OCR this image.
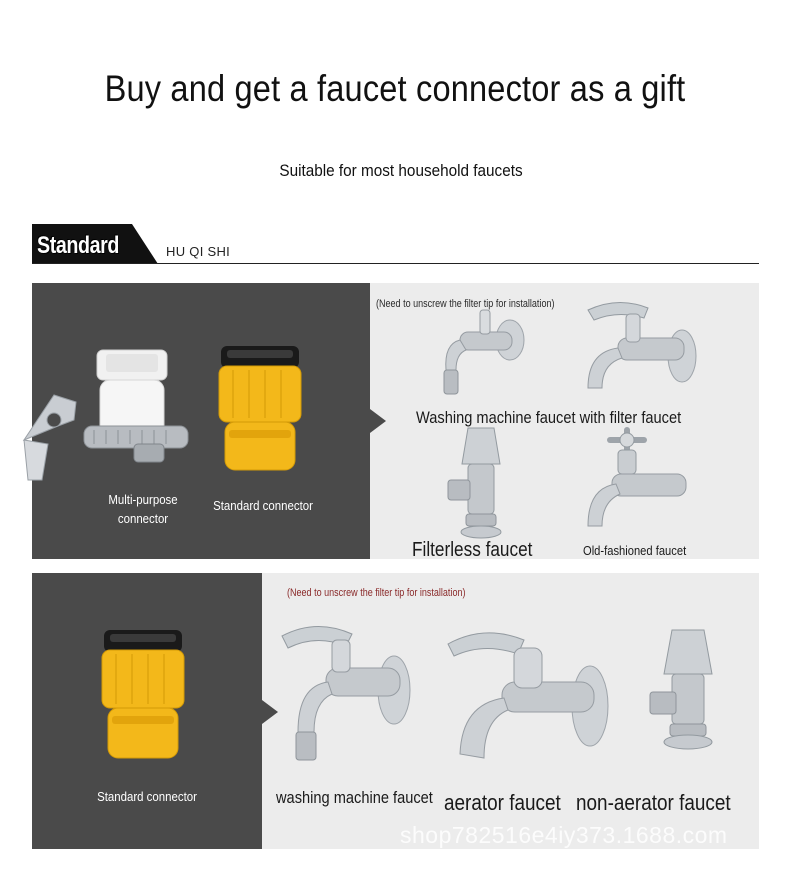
Buy and get a faucet connector as a gift
Suitable for most household faucets
Standard	HU QI SHI
Multi-purpose
connector
Standard connector
(Need to unscrew the filter tip for installation)
Washing machine faucet with filter faucet
Filterless faucet	Old-fashioned faucet
Standard connector
(Need to unscrew the filter tip for installation)
washing machine faucet aerator faucet non-aerator faucet
shop782516e4iy373.1688.com
